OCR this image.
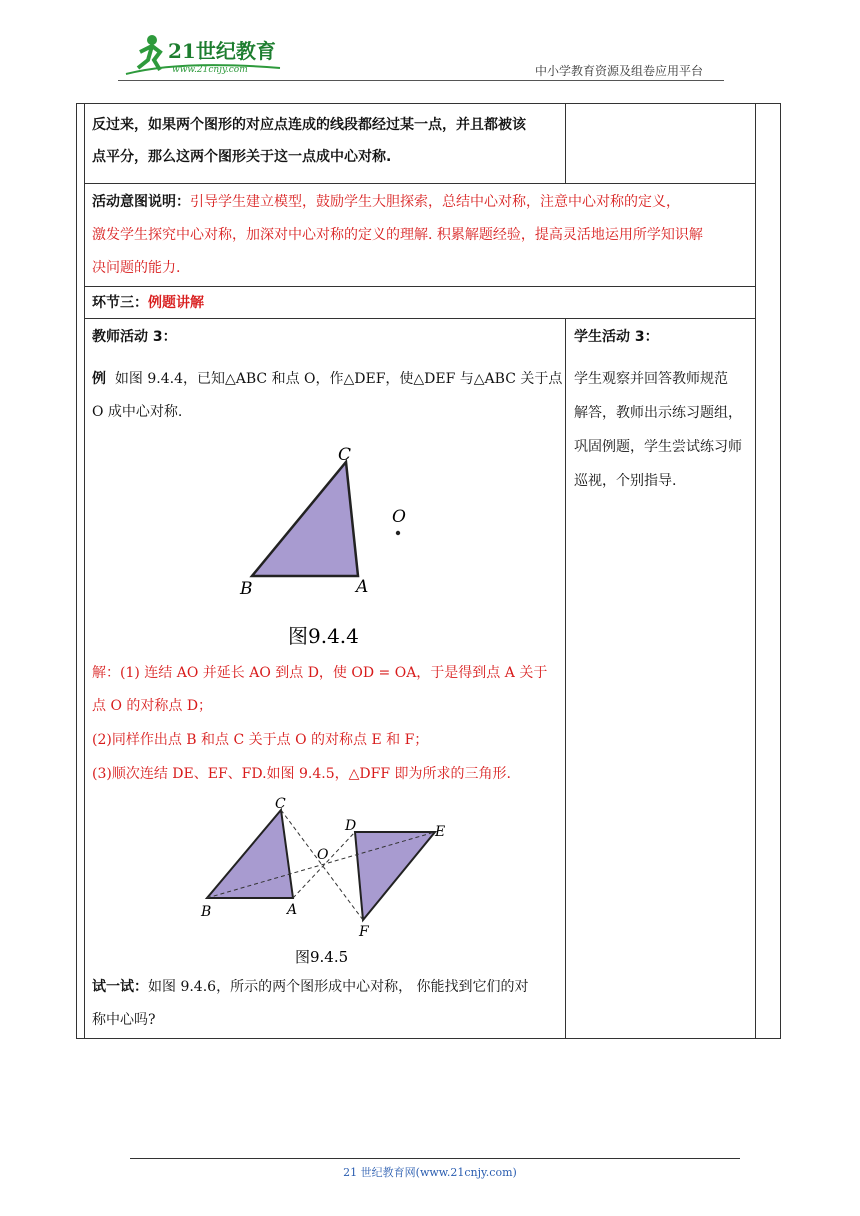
21世纪教育
www.21cnjy.com	中小学教育资源及组卷应用平台

反过来，如果两个图形的对应点连成的线段都经过某一点，并且都被该

点平分，那么这两个图形关于这一点成中心对称.

活动意图说明：引导学生建立模型，鼓励学生大胆探索，总结中心对称，注意中心对称的定义，

激发学生探究中心对称，加深对中心对称的定义的理解. 积累解题经验，提高灵活地运用所学知识解

决问题的能力.

环节三：例题讲解

教师活动 3：

例 如图 9.4.4，已知△ABC 和点 O，作△DEF，使△DEF 与△ABC 关于点

O 成中心对称.

C
A
B
O
图9.4.4

解：(1) 连结 AO 并延长 AO 到点 D，使 OD = OA，于是得到点 A 关于

点 O 的对称点 D；

(2)同样作出点 B 和点 C 关于点 O 的对称点 E 和 F；

(3)顺次连结 DE、EF、FD.如图 9.4.5，△DFF 即为所求的三角形.

C
A
B
D	E
F
O
图9.4.5

试一试：如图 9.4.6，所示的两个图形成中心对称， 你能找到它们的对

称中心吗?

学生活动 3：

学生观察并回答教师规范

解答，教师出示练习题组，

巩固例题，学生尝试练习师

巡视，个别指导.

21 世纪教育网(www.21cnjy.com)
